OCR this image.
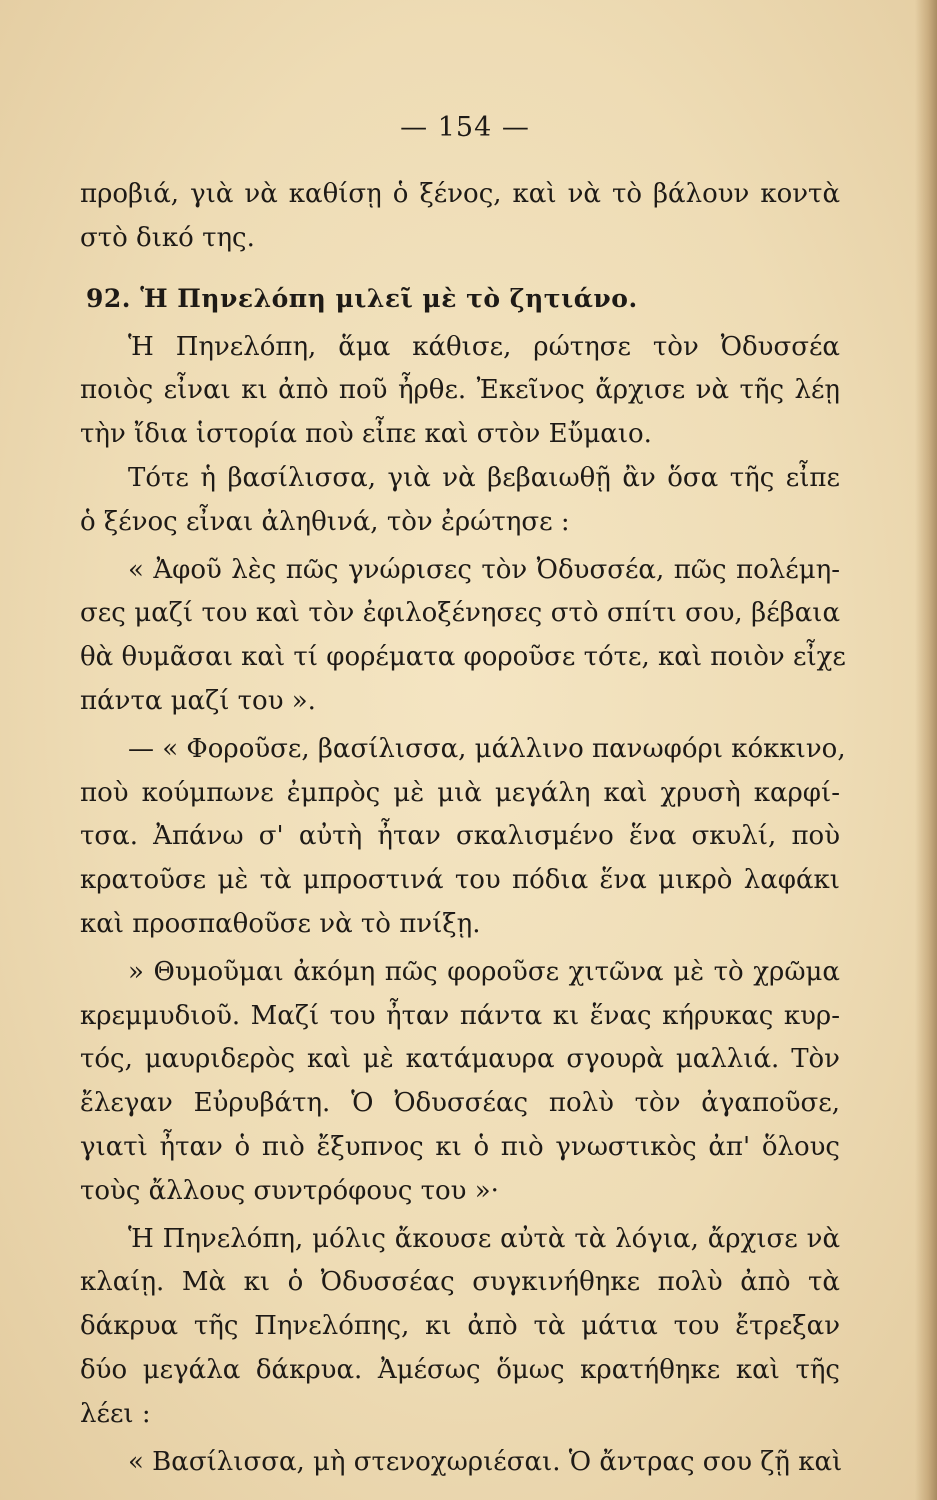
— 154 —
προβιά, γιὰ νὰ καθίσῃ ὁ ξένος, καὶ νὰ τὸ βάλουν κοντὰ
στὸ δικό της.
92. Ἡ Πηνελόπη μιλεῖ μὲ τὸ ζητιάνο.
Ἡ Πηνελόπη, ἅμα κάθισε, ρώτησε τὸν Ὀδυσσέα
ποιὸς εἶναι κι ἀπὸ ποῦ ἦρθε. Ἐκεῖνος ἄρχισε νὰ τῆς λέῃ
τὴν ἴδια ἱστορία ποὺ εἶπε καὶ στὸν Εὔμαιο.
Τότε ἡ βασίλισσα, γιὰ νὰ βεβαιωθῇ ἂν ὅσα τῆς εἶπε
ὁ ξένος εἶναι ἀληθινά, τὸν ἐρώτησε :
« Ἀφοῦ λὲς πῶς γνώρισες τὸν Ὀδυσσέα, πῶς πολέμη-
σες μαζί του καὶ τὸν ἐφιλοξένησες στὸ σπίτι σου, βέβαια
θὰ θυμᾶσαι καὶ τί φορέματα φοροῦσε τότε, καὶ ποιὸν εἶχε
πάντα μαζί του ».
— « Φοροῦσε, βασίλισσα, μάλλινο πανωφόρι κόκκινο,
ποὺ κούμπωνε ἐμπρὸς μὲ μιὰ μεγάλη καὶ χρυσὴ καρφί-
τσα. Ἀπάνω σ' αὐτὴ ἦταν σκαλισμένο ἕνα σκυλί, ποὺ
κρατοῦσε μὲ τὰ μπροστινά του πόδια ἕνα μικρὸ λαφάκι
καὶ προσπαθοῦσε νὰ τὸ πνίξῃ.
» Θυμοῦμαι ἀκόμη πῶς φοροῦσε χιτῶνα μὲ τὸ χρῶμα
κρεμμυδιοῦ. Μαζί του ἦταν πάντα κι ἕνας κήρυκας κυρ-
τός, μαυριδερὸς καὶ μὲ κατάμαυρα σγουρὰ μαλλιά. Τὸν
ἔλεγαν Εὐρυβάτη. Ὁ Ὀδυσσέας πολὺ τὸν ἀγαποῦσε,
γιατὶ ἦταν ὁ πιὸ ἔξυπνος κι ὁ πιὸ γνωστικὸς ἀπ' ὅλους
τοὺς ἄλλους συντρόφους του »·
Ἡ Πηνελόπη, μόλις ἄκουσε αὐτὰ τὰ λόγια, ἄρχισε νὰ
κλαίῃ. Μὰ κι ὁ Ὀδυσσέας συγκινήθηκε πολὺ ἀπὸ τὰ
δάκρυα τῆς Πηνελόπης, κι ἀπὸ τὰ μάτια του ἔτρεξαν
δύο μεγάλα δάκρυα. Ἀμέσως ὅμως κρατήθηκε καὶ τῆς
λέει :
« Βασίλισσα, μὴ στενοχωριέσαι. Ὁ ἄντρας σου ζῇ καὶ
